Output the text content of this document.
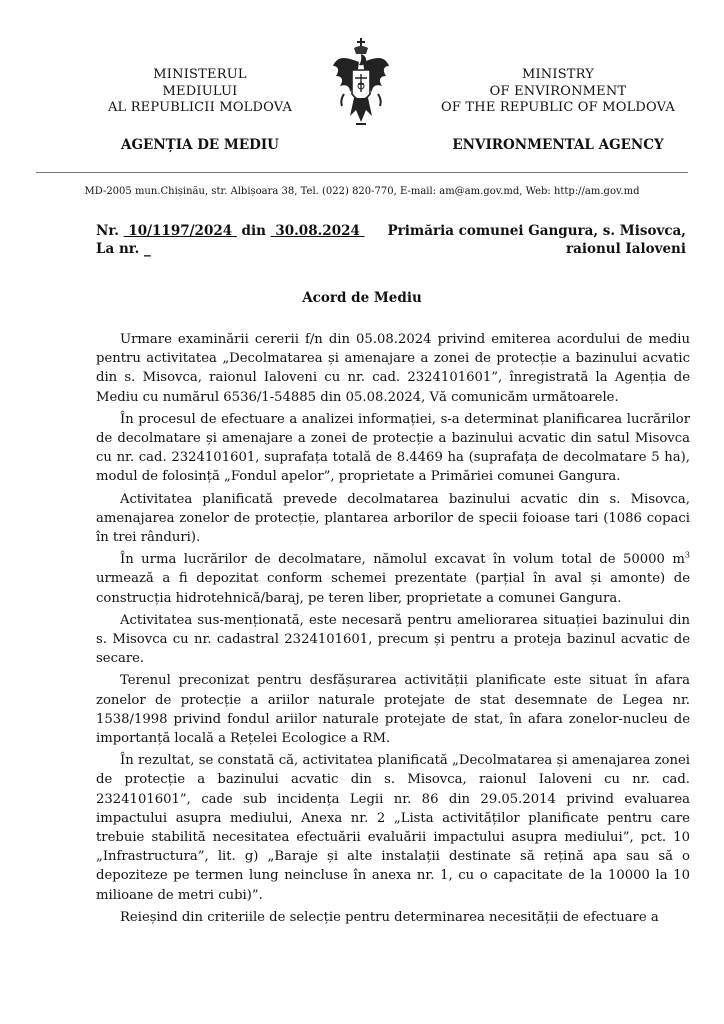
MINISTERUL
MEDIULUI
AL REPUBLICII MOLDOVA
MINISTRY
OF ENVIRONMENT
OF THE REPUBLIC OF MOLDOVA
AGENȚIA DE MEDIU	ENVIRONMENTAL AGENCY
MD-2005 mun.Chișinău, str. Albișoara 38, Tel. (022) 820-770, E-mail: am@am.gov.md, Web: http://am.gov.md
Nr.  10/1197/2024  din  30.08.2024
La nr. _
Primăria comunei Gangura, s. Misovca,
raionul Ialoveni
Acord de Mediu

Urmare examinării cererii f/n din 05.08.2024 privind emiterea acordului de mediu pentru activitatea „Decolmatarea și amenajare a zonei de protecție a bazinului acvatic din s. Misovca, raionul Ialoveni cu nr. cad. 2324101601”, înregistrată la Agenția de Mediu cu numărul 6536/1-54885 din 05.08.2024, Vă comunicăm următoarele.

În procesul de efectuare a analizei informației, s-a determinat planificarea lucrărilor de decolmatare și amenajare a zonei de protecție a bazinului acvatic din satul Misovca cu nr. cad. 2324101601, suprafața totală de 8.4469 ha (suprafața de decolmatare 5 ha), modul de folosință „Fondul apelor”, proprietate a Primăriei comunei Gangura.

Activitatea planificată prevede decolmatarea bazinului acvatic din s. Misovca, amenajarea zonelor de protecție, plantarea arborilor de specii foioase tari (1086 copaci în trei rânduri).

În urma lucrărilor de decolmatare, nămolul excavat în volum total de 50000 $m^3$ urmează a fi depozitat conform schemei prezentate (parțial în aval și amonte) de construcția hidrotehnică/baraj, pe teren liber, proprietate a comunei Gangura.

Activitatea sus-menționată, este necesară pentru ameliorarea situației bazinului din s. Misovca cu nr. cadastral 2324101601, precum și pentru a proteja bazinul acvatic de secare.

Terenul preconizat pentru desfășurarea activității planificate este situat în afara zonelor de protecție a ariilor naturale protejate de stat desemnate de Legea nr. 1538/1998 privind fondul ariilor naturale protejate de stat, în afara zonelor-nucleu de importanță locală a Rețelei Ecologice a RM.

În rezultat, se constată că, activitatea planificată „Decolmatarea și amenajarea zonei de protecție a bazinului acvatic din s. Misovca, raionul Ialoveni cu nr. cad. 2324101601”, cade sub incidența Legii nr. 86 din 29.05.2014 privind evaluarea impactului asupra mediului, Anexa nr. 2 „Lista activităților planificate pentru care trebuie stabilită necesitatea efectuării evaluării impactului asupra mediului”, pct. 10 „Infrastructura”, lit. g) „Baraje și alte instalații destinate să rețină apa sau să o depoziteze pe termen lung neincluse în anexa nr. 1, cu o capacitate de la 10000 la 10 milioane de metri cubi)”.

Reieșind din criteriile de selecție pentru determinarea necesității de efectuare a
